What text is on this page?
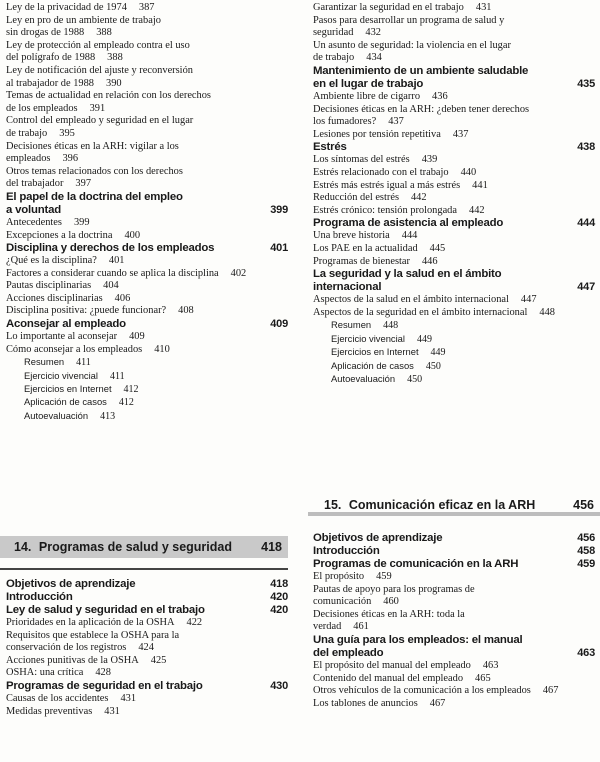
Ley de la privacidad de 1974 387
Ley en pro de un ambiente de trabajo
sin drogas de 1988 388
Ley de protección al empleado contra el uso
del polígrafo de 1988 388
Ley de notificación del ajuste y reconversión
al trabajador de 1988 390
Temas de actualidad en relación con los derechos
de los empleados 391
Control del empleado y seguridad en el lugar
de trabajo 395
Decisiones éticas en la ARH: vigilar a los
empleados 396
Otros temas relacionados con los derechos
del trabajador 397
El papel de la doctrina del empleo
a voluntad	399
Antecedentes 399
Excepciones a la doctrina 400
Disciplina y derechos de los empleados	401
¿Qué es la disciplina? 401
Factores a considerar cuando se aplica la disciplina 402
Pautas disciplinarias 404
Acciones disciplinarias 406
Disciplina positiva: ¿puede funcionar? 408
Aconsejar al empleado	409
Lo importante al aconsejar 409
Cómo aconsejar a los empleados 410
Resumen 411
Ejercicio vivencial 411
Ejercicios en Internet 412
Aplicación de casos 412
Autoevaluación 413
14. Programas de salud y seguridad 418
Objetivos de aprendizaje	418
Introducción	420
Ley de salud y seguridad en el trabajo	420
Prioridades en la aplicación de la OSHA 422
Requisitos que establece la OSHA para la
conservación de los registros 424
Acciones punitivas de la OSHA 425
OSHA: una crítica 428
Programas de seguridad en el trabajo	430
Causas de los accidentes 431
Medidas preventivas 431
Garantizar la seguridad en el trabajo 431
Pasos para desarrollar un programa de salud y
seguridad 432
Un asunto de seguridad: la violencia en el lugar
de trabajo 434
Mantenimiento de un ambiente saludable
en el lugar de trabajo	435
Ambiente libre de cigarro 436
Decisiones éticas en la ARH: ¿deben tener derechos
los fumadores? 437
Lesiones por tensión repetitiva 437
Estrés	438
Los síntomas del estrés 439
Estrés relacionado con el trabajo 440
Estrés más estrés igual a más estrés 441
Reducción del estrés 442
Estrés crónico: tensión prolongada 442
Programa de asistencia al empleado	444
Una breve historia 444
Los PAE en la actualidad 445
Programas de bienestar 446
La seguridad y la salud en el ámbito
internacional	447
Aspectos de la salud en el ámbito internacional 447
Aspectos de la seguridad en el ámbito internacional 448
Resumen 448
Ejercicio vivencial 449
Ejercicios en Internet 449
Aplicación de casos 450
Autoevaluación 450
15. Comunicación eficaz en la ARH	456
Objetivos de aprendizaje	456
Introducción	458
Programas de comunicación en la ARH	459
El propósito 459
Pautas de apoyo para los programas de
comunicación 460
Decisiones éticas en la ARH: toda la
verdad 461
Una guía para los empleados: el manual
del empleado	463
El propósito del manual del empleado 463
Contenido del manual del empleado 465
Otros vehículos de la comunicación a los empleados 467
Los tablones de anuncios 467
